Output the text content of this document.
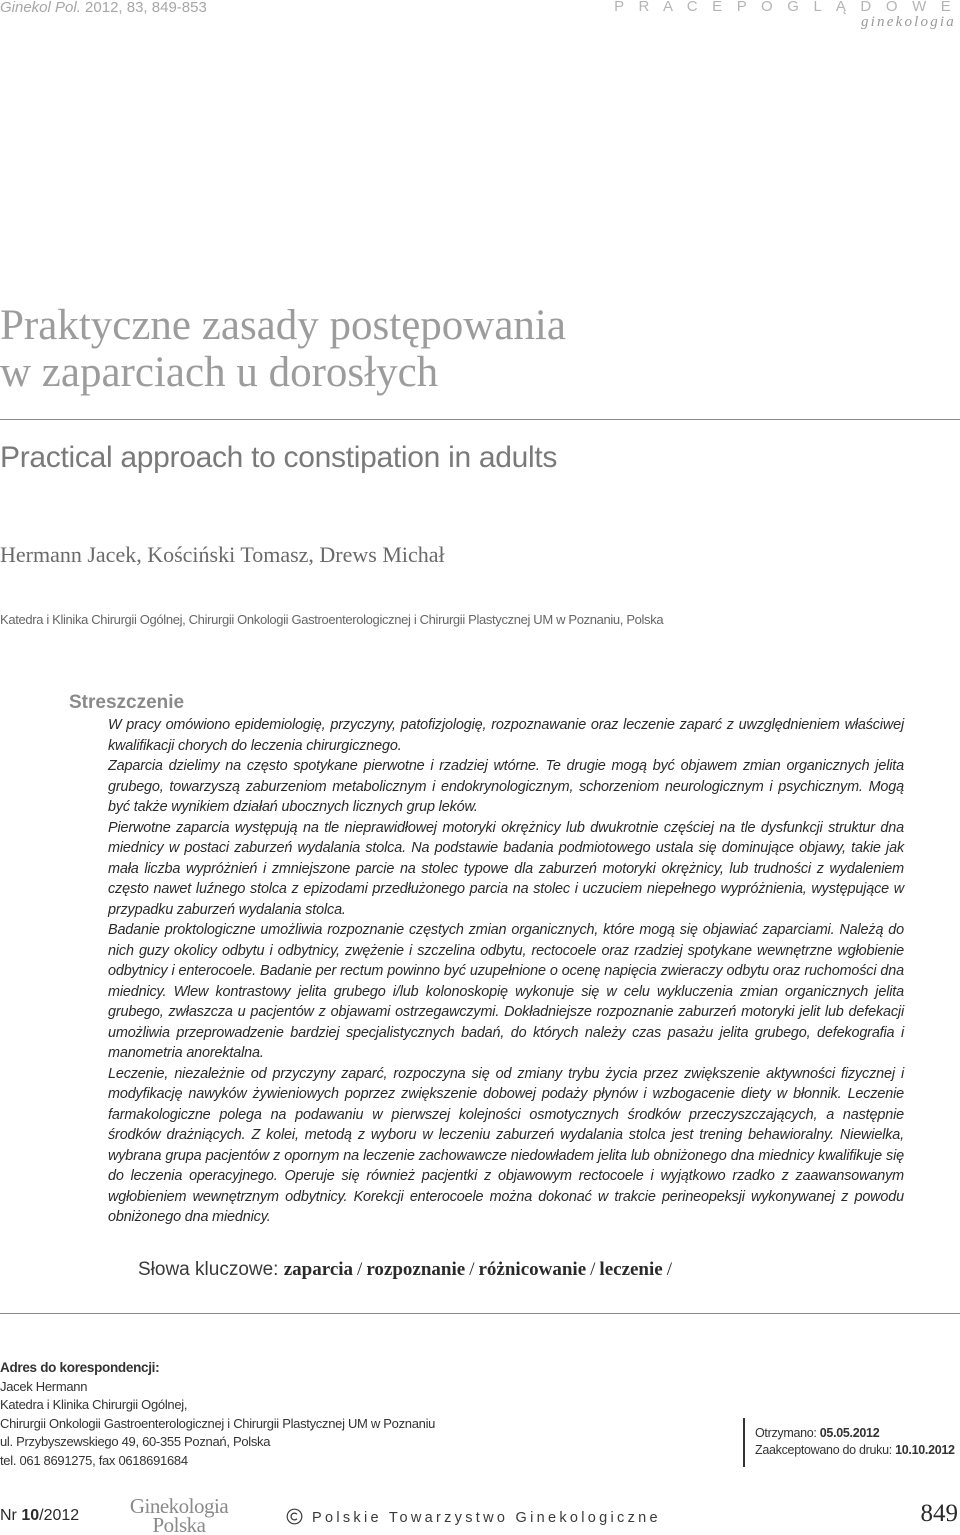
Ginekol Pol. 2012, 83, 849-853	P R A C E P O G L Ą D O W E
ginekologia
Praktyczne zasady postępowania
w zaparciach u dorosłych
Practical approach to constipation in adults
Hermann Jacek, Kościński Tomasz, Drews Michał
Katedra i Klinika Chirurgii Ogólnej, Chirurgii Onkologii Gastroenterologicznej i Chirurgii Plastycznej UM w Poznaniu, Polska
Streszczenie

W pracy omówiono epidemiologię, przyczyny, patofizjologię, rozpoznawanie oraz leczenie zaparć z uwzględnieniem właściwej kwalifikacji chorych do leczenia chirurgicznego.

Zaparcia dzielimy na często spotykane pierwotne i rzadziej wtórne. Te drugie mogą być objawem zmian organicznych jelita grubego, towarzyszą zaburzeniom metabolicznym i endokrynologicznym, schorzeniom neurologicznym i psychicznym. Mogą być także wynikiem działań ubocznych licznych grup leków.

Pierwotne zaparcia występują na tle nieprawidłowej motoryki okrężnicy lub dwukrotnie częściej na tle dysfunkcji struktur dna miednicy w postaci zaburzeń wydalania stolca. Na podstawie badania podmiotowego ustala się dominujące objawy, takie jak mała liczba wypróżnień i zmniejszone parcie na stolec typowe dla zaburzeń motoryki okrężnicy, lub trudności z wydaleniem często nawet luźnego stolca z epizodami przedłużonego parcia na stolec i uczuciem niepełnego wypróżnienia, występujące w przypadku zaburzeń wydalania stolca.

Badanie proktologiczne umożliwia rozpoznanie częstych zmian organicznych, które mogą się objawiać zaparciami. Należą do nich guzy okolicy odbytu i odbytnicy, zwężenie i szczelina odbytu, rectocoele oraz rzadziej spotykane wewnętrzne wgłobienie odbytnicy i enterocoele. Badanie per rectum powinno być uzupełnione o ocenę napięcia zwieraczy odbytu oraz ruchomości dna miednicy. Wlew kontrastowy jelita grubego i/lub kolonoskopię wykonuje się w celu wykluczenia zmian organicznych jelita grubego, zwłaszcza u pacjentów z objawami ostrzegawczymi. Dokładniejsze rozpoznanie zaburzeń motoryki jelit lub defekacji umożliwia przeprowadzenie bardziej specjalistycznych badań, do których należy czas pasażu jelita grubego, defekografia i manometria anorektalna.

Leczenie, niezależnie od przyczyny zaparć, rozpoczyna się od zmiany trybu życia przez zwiększenie aktywności fizycznej i modyfikację nawyków żywieniowych poprzez zwiększenie dobowej podaży płynów i wzbogacenie diety w błonnik. Leczenie farmakologiczne polega na podawaniu w pierwszej kolejności osmotycznych środków przeczyszczających, a następnie środków drażniących. Z kolei, metodą z wyboru w leczeniu zaburzeń wydalania stolca jest trening behawioralny. Niewielka, wybrana grupa pacjentów z opornym na leczenie zachowawcze niedowładem jelita lub obniżonego dna miednicy kwalifikuje się do leczenia operacyjnego. Operuje się również pacjentki z objawowym rectocoele i wyjątkowo rzadko z zaawansowanym wgłobieniem wewnętrznym odbytnicy. Korekcji enterocoele można dokonać w trakcie perineopeksji wykonywanej z powodu obniżonego dna miednicy.

Słowa kluczowe: zaparcia / rozpoznanie / różnicowanie / leczenie /
Adres do korespondencji:
Jacek Hermann
Katedra i Klinika Chirurgii Ogólnej,
Chirurgii Onkologii Gastroenterologicznej i Chirurgii Plastycznej UM w Poznaniu
ul. Przybyszewskiego 49, 60-355 Poznań, Polska
tel. 061 8691275, fax 0618691684
Otrzymano: 05.05.2012
Zaakceptowano do druku: 10.10.2012
Nr 10/2012	Ginekologia
Polska	Polskie Towarzystwo Ginekologiczne	849
